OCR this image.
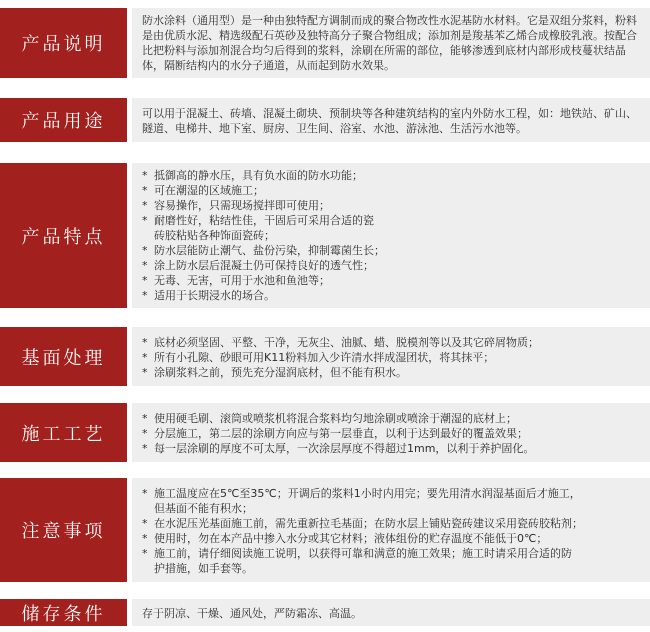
产品说明

防水涂料（通用型）是一种由独特配方调制而成的聚合物改性水泥基防水材料。它是双组分浆料，粉料是由优质水泥、精选级配石英砂及独特高分子聚合物组成；添加剂是羧基苯乙烯合成橡胶乳液。按配合比把粉料与添加剂混合均匀后得到的浆料，涂刷在所需的部位，能够渗透到底材内部形成枝蔓状结晶体，隔断结构内的水分子通道，从而起到防水效果。

产品用途	可以用于混凝土、砖墙、混凝土砌块、预制块等各种建筑结构的室内外防水工程，如：地铁站、矿山、隧道、电梯井、地下室、厨房、卫生间、浴室、水池、游泳池、生活污水池等。

产品特点

* 抵御高的静水压，具有负水面的防水功能；

* 可在潮湿的区域施工；

* 容易操作，只需现场搅拌即可使用；

* 耐磨性好，粘结性佳，干固后可采用合适的瓷

砖胶粘贴各种饰面瓷砖；

* 防水层能防止潮气、盐份污染，抑制霉菌生长；

* 涂上防水层后混凝土仍可保持良好的透气性；

* 无毒、无害，可用于水池和鱼池等；

* 适用于长期浸水的场合。

基面处理

* 底材必须坚固、平整、干净，无灰尘、油腻、蜡、脱模剂等以及其它碎屑物质；

* 所有小孔隙、砂眼可用K11粉料加入少许清水拌成湿团状，将其抹平；

* 涂刷浆料之前，预先充分湿润底材，但不能有积水。

施工工艺

* 使用硬毛刷、滚筒或喷浆机将混合浆料均匀地涂刷或喷涂于潮湿的底材上；

* 分层施工，第二层的涂刷方向应与第一层垂直，以利于达到最好的覆盖效果；

* 每一层涂刷的厚度不可太厚，一次涂层厚度不得超过1mm，以利于养护固化。

注意事项

* 施工温度应在5℃至35℃；开调后的浆料1小时内用完；要先用清水润湿基面后才施工，

但基面不能有积水；

* 在水泥压光基面施工前，需先重新拉毛基面；在防水层上铺贴瓷砖建议采用瓷砖胶粘剂；

* 使用时，勿在本产品中掺入水分或其它材料；液体组份的贮存温度不能低于0℃；

* 施工前，请仔细阅读施工说明，以获得可靠和满意的施工效果；施工时请采用合适的防

护措施，如手套等。

储存条件	存于阴凉、干燥、通风处，严防霜冻、高温。
